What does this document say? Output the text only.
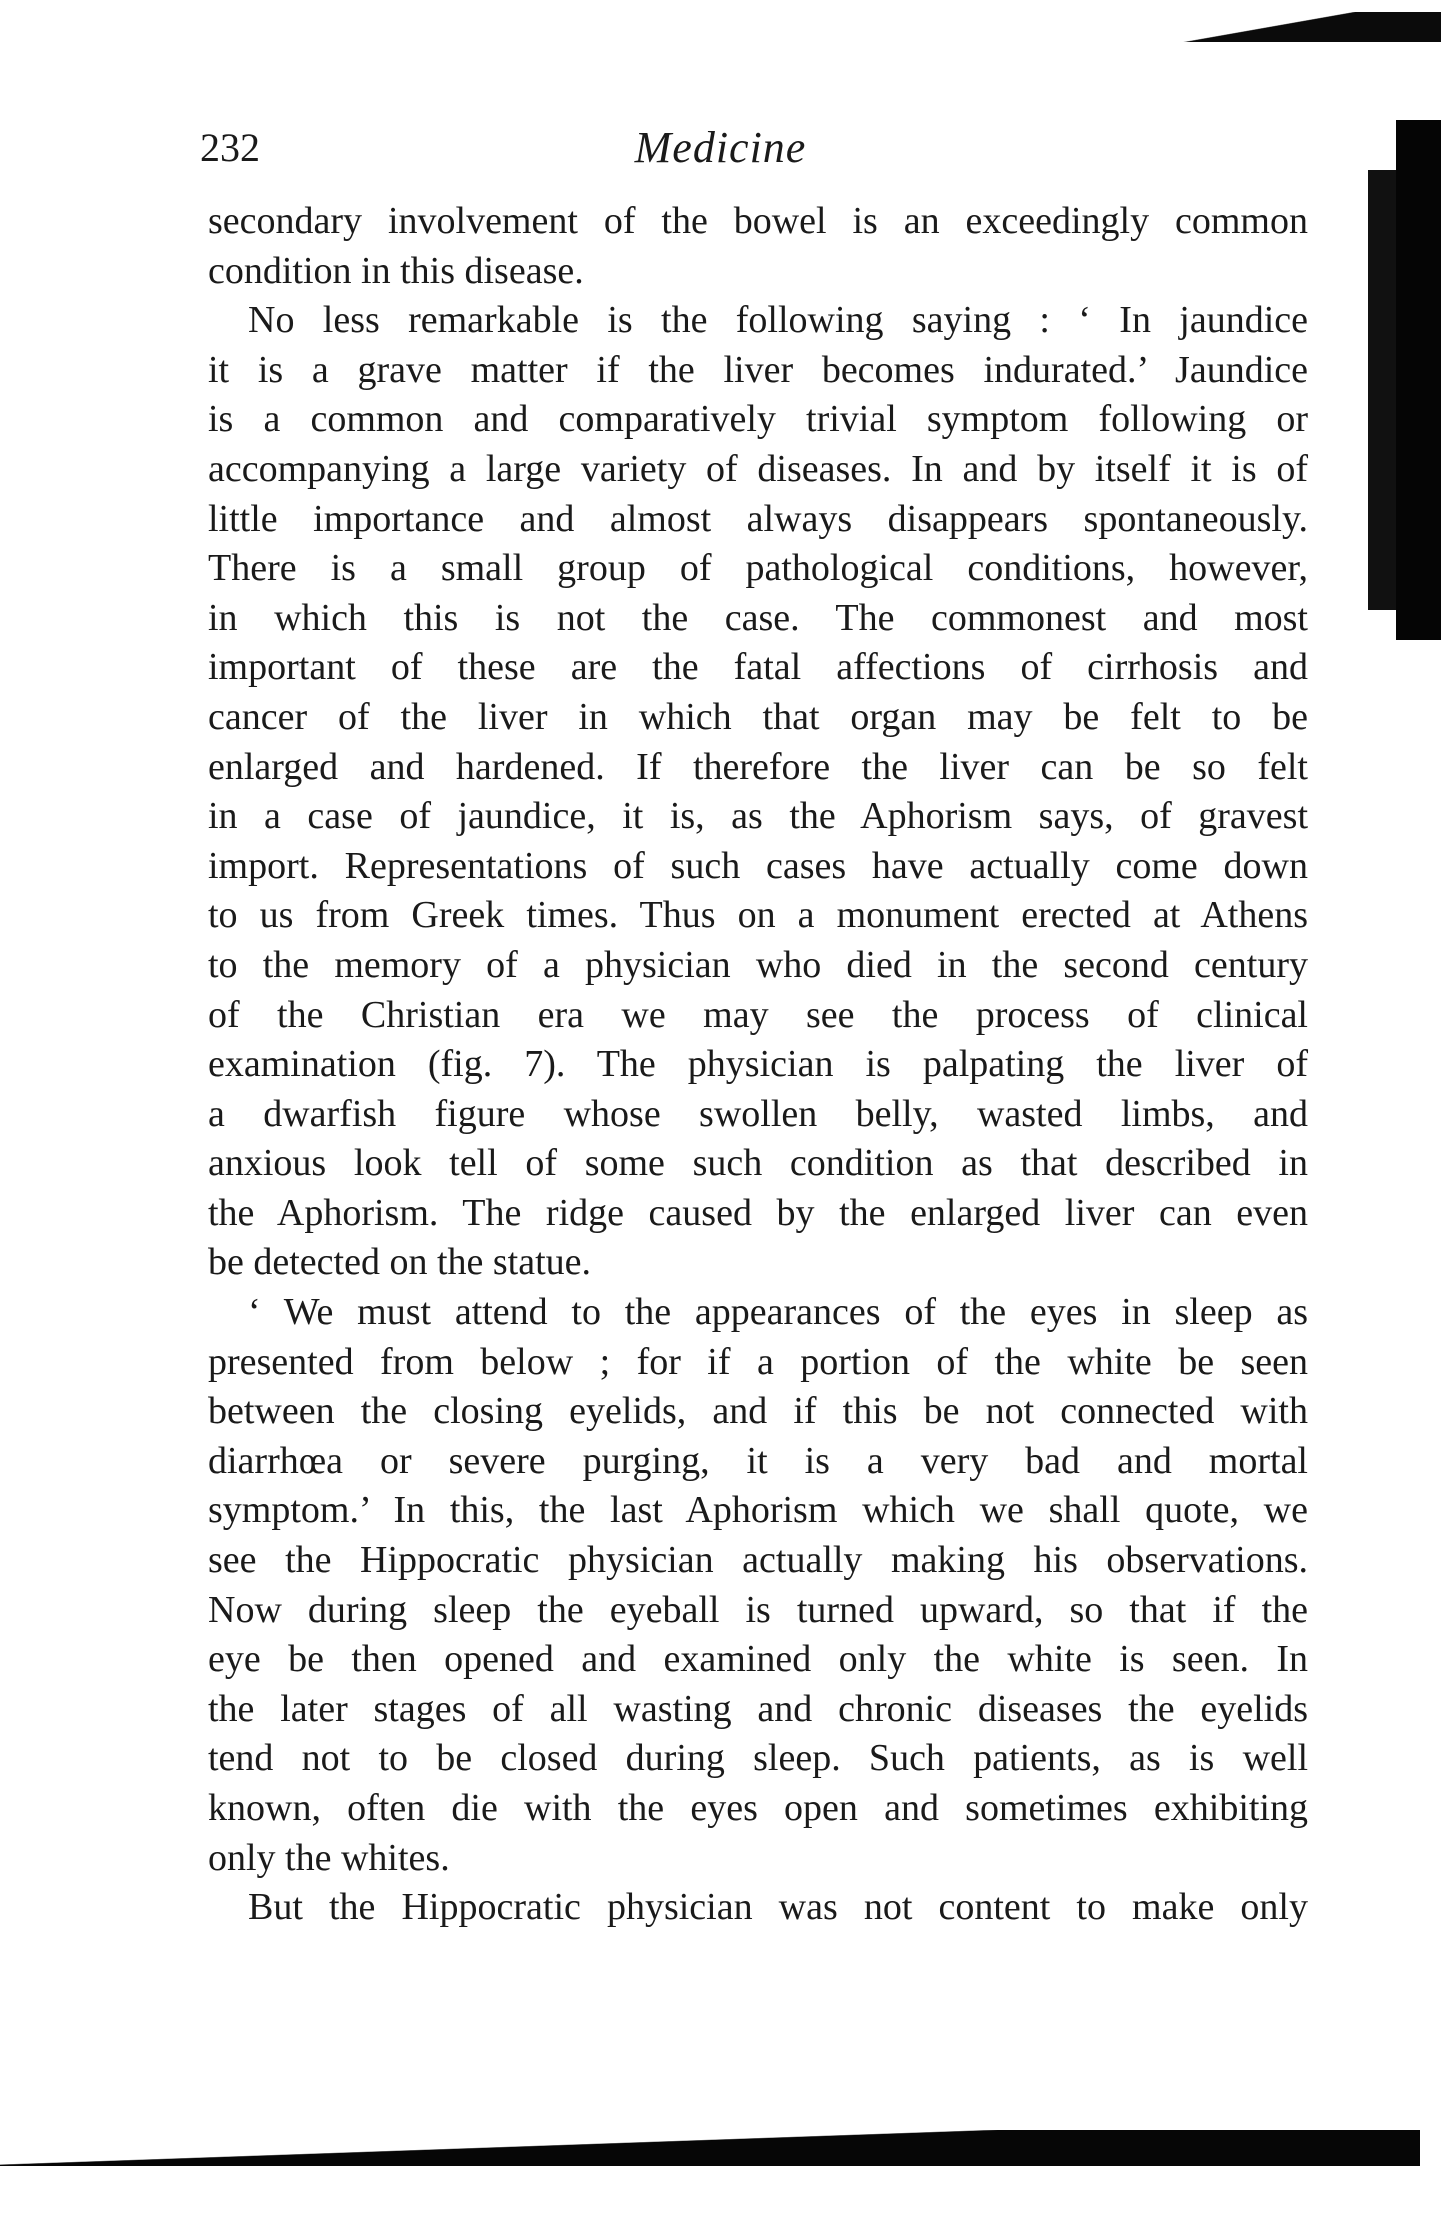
232	Medicine
secondary involvement of the bowel is an exceedingly common
condition in this disease.
No less remarkable is the following saying : ‘ In jaundice
it is a grave matter if the liver becomes indurated.’ Jaundice
is a common and comparatively trivial symptom following or
accompanying a large variety of diseases. In and by itself it is of
little importance and almost always disappears spontaneously.
There is a small group of pathological conditions, however,
in which this is not the case. The commonest and most
important of these are the fatal affections of cirrhosis and
cancer of the liver in which that organ may be felt to be
enlarged and hardened. If therefore the liver can be so felt
in a case of jaundice, it is, as the Aphorism says, of gravest
import. Representations of such cases have actually come down
to us from Greek times. Thus on a monument erected at Athens
to the memory of a physician who died in the second century
of the Christian era we may see the process of clinical
examination (fig. 7). The physician is palpating the liver of
a dwarfish figure whose swollen belly, wasted limbs, and
anxious look tell of some such condition as that described in
the Aphorism. The ridge caused by the enlarged liver can even
be detected on the statue.
‘ We must attend to the appearances of the eyes in sleep as
presented from below ; for if a portion of the white be seen
between the closing eyelids, and if this be not connected with
diarrhœa or severe purging, it is a very bad and mortal
symptom.’ In this, the last Aphorism which we shall quote, we
see the Hippocratic physician actually making his observations.
Now during sleep the eyeball is turned upward, so that if the
eye be then opened and examined only the white is seen. In
the later stages of all wasting and chronic diseases the eyelids
tend not to be closed during sleep. Such patients, as is well
known, often die with the eyes open and sometimes exhibiting
only the whites.
But the Hippocratic physician was not content to make only
